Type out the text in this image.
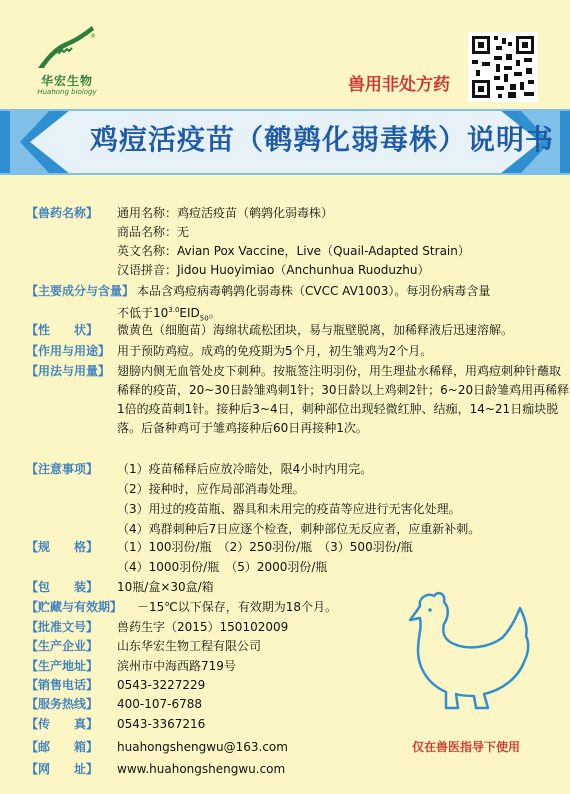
®
华宏生物
Huahong biology	兽用非处方药
鸡痘活疫苗（鹌鹑化弱毒株）说明书
【兽药名称】	通用名称：鸡痘活疫苗（鹌鹑化弱毒株）
商品名称：无
英文名称：Avian Pox Vaccine，Live（Quail-Adapted Strain）
汉语拼音：Jidou Huoyimiao（Anchunhua Ruoduzhu）
【主要成分与含量】 本品含鸡痘病毒鹌鹑化弱毒株（CVCC AV1003）。每羽份病毒含量
不低于$10^{3.0}EID_{50}$。
【性　　状】	微黄色（细胞苗）海绵状疏松团块，易与瓶壁脱离，加稀释液后迅速溶解。
【作用与用途】 用于预防鸡痘。成鸡的免疫期为5个月，初生雏鸡为2个月。
【用法与用量】 翅膀内侧无血管处皮下刺种。按瓶签注明羽份，用生理盐水稀释，用鸡痘刺种针蘸取稀释的疫苗，20~30日龄雏鸡刺1针；30日龄以上鸡刺2针；6~20日龄雏鸡用再稀释1倍的疫苗刺1针。接种后3~4日，刺种部位出现轻微红肿、结痂，14~21日痂块脱落。后备种鸡可于雏鸡接种后60日再接种1次。
【注意事项】	（1）疫苗稀释后应放冷暗处，限4小时内用完。
（2）接种时，应作局部消毒处理。
（3）用过的疫苗瓶、器具和未用完的疫苗等应进行无害化处理。
（4）鸡群刺种后7日应逐个检查，刺种部位无反应者，应重新补刺。
【规　　格】	（1）100羽份/瓶　（2）250羽份/瓶　（3）500羽份/瓶
（4）1000羽份/瓶　（5）2000羽份/瓶
【包　　装】	10瓶/盒×30盒/箱
【贮藏与有效期】	－15℃以下保存，有效期为18个月。
【批准文号】	兽药生字（2015）150102009
【生产企业】	山东华宏生物工程有限公司
【生产地址】	滨州市中海西路719号
【销售电话】	0543-3227229
【服务热线】	400-107-6788
【传　　真】	0543-3367216
【邮　　箱】	huahongshengwu@163.com
【网　　址】	www.huahongshengwu.com
仅在兽医指导下使用
